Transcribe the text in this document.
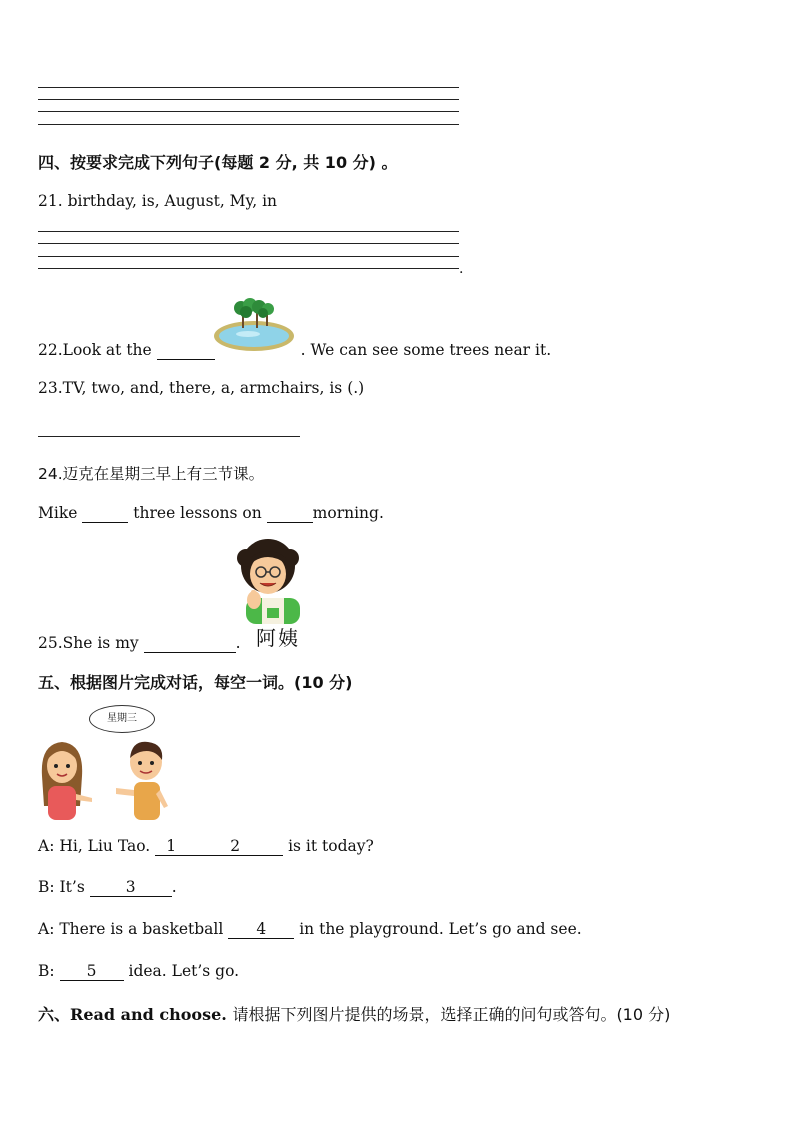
四、按要求完成下列句子(每题 2 分, 共 10 分) 。
21. birthday, is, August, My, in
.
22.Look at the	. We can see some trees near it.
23.TV, two, and, there, a, armchairs, is (.)
24.迈克在星期三早上有三节课。
Mike	three lessons on	morning.
阿姨
25.She is my	.
五、根据图片完成对话，每空一词。(10 分)
星期三
A: Hi, Liu Tao. 1	2	is it today?
B: It’s	3 .
A: There is a basketball 4 in the playground. Let’s go and see.
B: 5 idea. Let’s go.
六、Read and choose. 请根据下列图片提供的场景，选择正确的问句或答句。(10 分)
